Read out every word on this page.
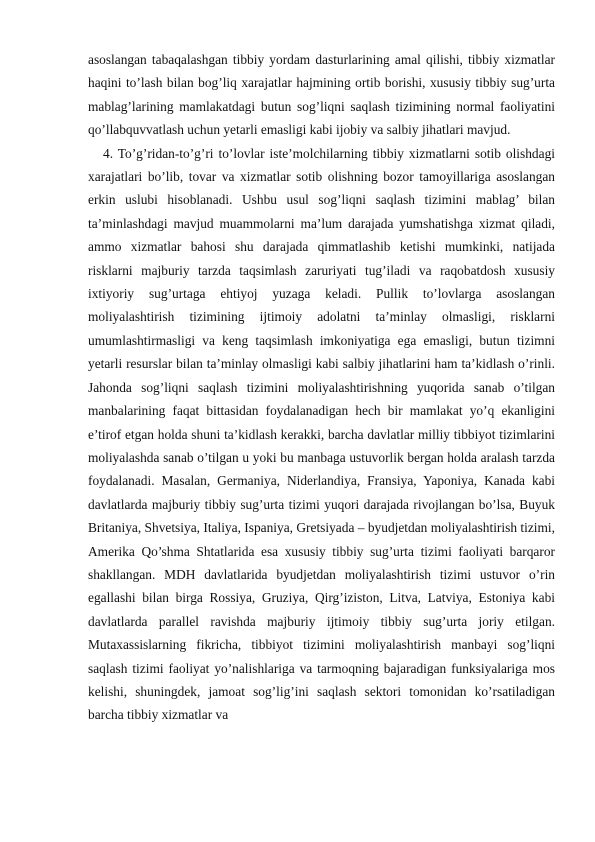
asoslangan tabaqalashgan tibbiy yordam dasturlarining amal qilishi, tibbiy xizmatlar haqini to’lash bilan bog’liq xarajatlar hajmining ortib borishi, xususiy tibbiy sug’urta mablag’larining mamlakatdagi butun sog’liqni saqlash tizimining normal faoliyatini qo’llabquvvatlash uchun yetarli emasligi kabi ijobiy va salbiy jihatlari mavjud.

4. To’g’ridan-to’g’ri to’lovlar iste’molchilarning tibbiy xizmatlarni sotib olishdagi xarajatlari bo’lib, tovar va xizmatlar sotib olishning bozor tamoyillariga asoslangan erkin uslubi hisoblanadi. Ushbu usul sog’liqni saqlash tizimini mablag’ bilan ta’minlashdagi mavjud muammolarni ma’lum darajada yumshatishga xizmat qiladi, ammo xizmatlar bahosi shu darajada qimmatlashib ketishi mumkinki, natijada risklarni majburiy tarzda taqsimlash zaruriyati tug’iladi va raqobatdosh xususiy ixtiyoriy sug’urtaga ehtiyoj yuzaga keladi. Pullik to’lovlarga asoslangan moliyalashtirish tizimining ijtimoiy adolatni ta’minlay olmasligi, risklarni umumlashtirmasligi va keng taqsimlash imkoniyatiga ega emasligi, butun tizimni yetarli resurslar bilan ta’minlay olmasligi kabi salbiy jihatlarini ham ta’kidlash o’rinli. Jahonda sog’liqni saqlash tizimini moliyalashtirishning yuqorida sanab o’tilgan manbalarining faqat bittasidan foydalanadigan hech bir mamlakat yo’q ekanligini e’tirof etgan holda shuni ta’kidlash kerakki, barcha davlatlar milliy tibbiyot tizimlarini moliyalashda sanab o’tilgan u yoki bu manbaga ustuvorlik bergan holda aralash tarzda foydalanadi. Masalan, Germaniya, Niderlandiya, Fransiya, Yaponiya, Kanada kabi davlatlarda majburiy tibbiy sug’urta tizimi yuqori darajada rivojlangan bo’lsa, Buyuk Britaniya, Shvetsiya, Italiya, Ispaniya, Gretsiyada – byudjetdan moliyalashtirish tizimi, Amerika Qo’shma Shtatlarida esa xususiy tibbiy sug’urta tizimi faoliyati barqaror shakllangan. MDH davlatlarida byudjetdan moliyalashtirish tizimi ustuvor o’rin egallashi bilan birga Rossiya, Gruziya, Qirg’iziston, Litva, Latviya, Estoniya kabi davlatlarda parallel ravishda majburiy ijtimoiy tibbiy sug’urta joriy etilgan. Mutaxassislarning fikricha, tibbiyot tizimini moliyalashtirish manbayi sog’liqni saqlash tizimi faoliyat yo’nalishlariga va tarmoqning bajaradigan funksiyalariga mos kelishi, shuningdek, jamoat sog’lig’ini saqlash sektori tomonidan ko’rsatiladigan barcha tibbiy xizmatlar va
